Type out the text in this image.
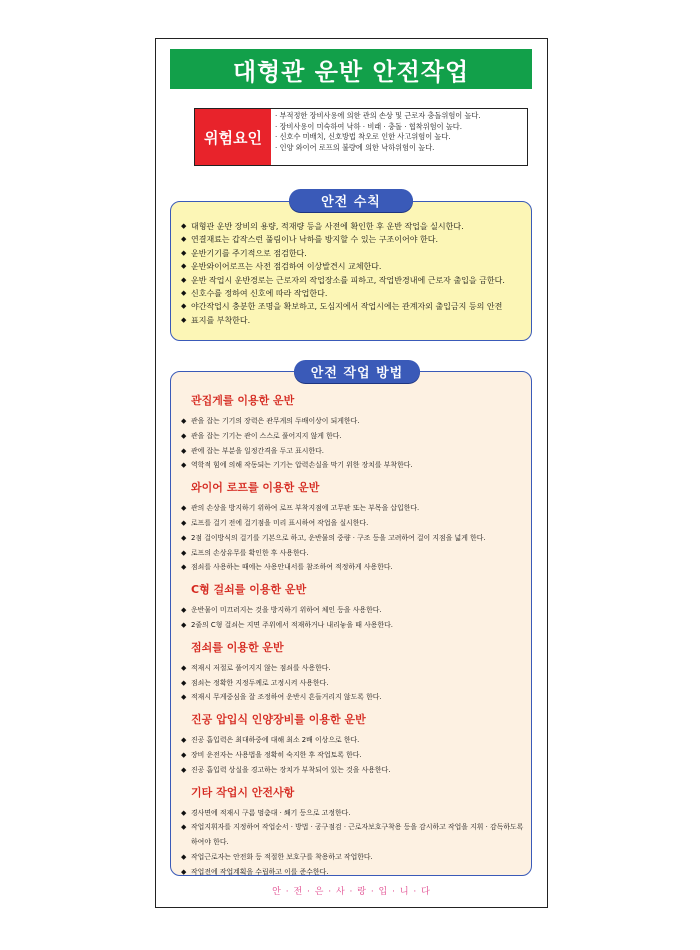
대형관 운반 안전작업
위험요인
· 부적정한 장비사용에 의한 관의 손상 및 근로자 충돌위험이 높다.
· 장비사용이 미숙하여 낙하 · 비래 · 충돌 · 협착위험이 높다.
· 신호수 미배치, 신호방법 착오로 인한 사고위험이 높다.
· 인양 와이어 로프의 불량에 의한 낙하위험이 높다.
안전 수칙
◆ 대형관 운반 장비의 용량, 적재량 등을 사전에 확인한 후 운반 작업을 실시한다.
◆ 연결재료는 갑작스런 풀림이나 낙하를 방지할 수 있는 구조이어야 한다.
◆ 운반기기를 주기적으로 점검한다.
◆ 운반와이어로프는 사전 점검하여 이상발견시 교체한다.
◆ 운반 작업시 운반경로는 근로자의 작업장소를 피하고, 작업반경내에 근로자 출입을 금한다.
◆ 신호수를 정하여 신호에 따라 작업한다.
◆ 야간작업시 충분한 조명을 확보하고, 도심지에서 작업시에는 관계자외 출입금지 등의 안전
◆ 표지를 부착한다.
안전 작업 방법
관집게를 이용한 운반
◆ 관을 잡는 기기의 장력은 관무게의 두배이상이 되게한다.
◆ 관을 잡는 기기는 관이 스스로 풀어지지 않게 한다.
◆ 관에 잡는 부분을 일정간격을 두고 표시한다.
◆ 역학적 힘에 의해 작동되는 기기는 압력손실을 막기 위한 장치를 부착한다.
와이어 로프를 이용한 운반
◆ 관의 손상을 방지하기 위하여 로프 부착지점에 고무판 또는 부목을 삽입한다.
◆ 로프를 걸기 전에 걸기점을 미리 표시하여 작업을 실시한다.
◆ 2점 걸이방식의 걸기를 기본으로 하고, 운반물의 중량 · 구조 등을 고려하여 걸이 지점을 넓게 한다.
◆ 로프의 손상유무를 확인한 후 사용한다.
◆ 점쇠를 사용하는 때에는 사용안내서를 참조하여 적정하게 사용한다.
C형 걸쇠를 이용한 운반
◆ 운반물이 미끄러지는 것을 방지하기 위하여 체인 등을 사용한다.
◆ 2줄의 C형 걸쇠는 지면 주위에서 적재하거나 내리놓을 때 사용한다.
점쇠를 이용한 운반
◆ 적재시 저절로 풀어지지 않는 점쇠를 사용한다.
◆ 점쇠는 정확한 지정두께로 고정시켜 사용한다.
◆ 적재시 무게중심을 잘 조정하여 운반시 흔들거리지 않도록 한다.
진공 압입식 인양장비를 이용한 운반
◆ 진공 흡입력은 최대하중에 대해 최소 2배 이상으로 한다.
◆ 장비 운전자는 사용법을 정확히 숙지한 후 작업토록 한다.
◆ 진공 흡입력 상실을 경고하는 장치가 부착되어 있는 것을 사용한다.
기타 작업시 안전사항
◆ 경사면에 적재시 구름 멈춤대 · 쐐기 등으로 고정한다.
◆ 작업지휘자를 지정하여 작업순서 · 방법 · 공구점검 · 근로자보호구착용 등을 감시하고 작업을 지휘 · 감독하도록
하여야 한다.
◆ 작업근로자는 안전화 등 적절한 보호구를 착용하고 작업한다.
◆ 작업전에 작업계획을 수립하고 이를 준수한다.
안 · 전 · 은 · 사 · 랑 · 입 · 니 · 다
